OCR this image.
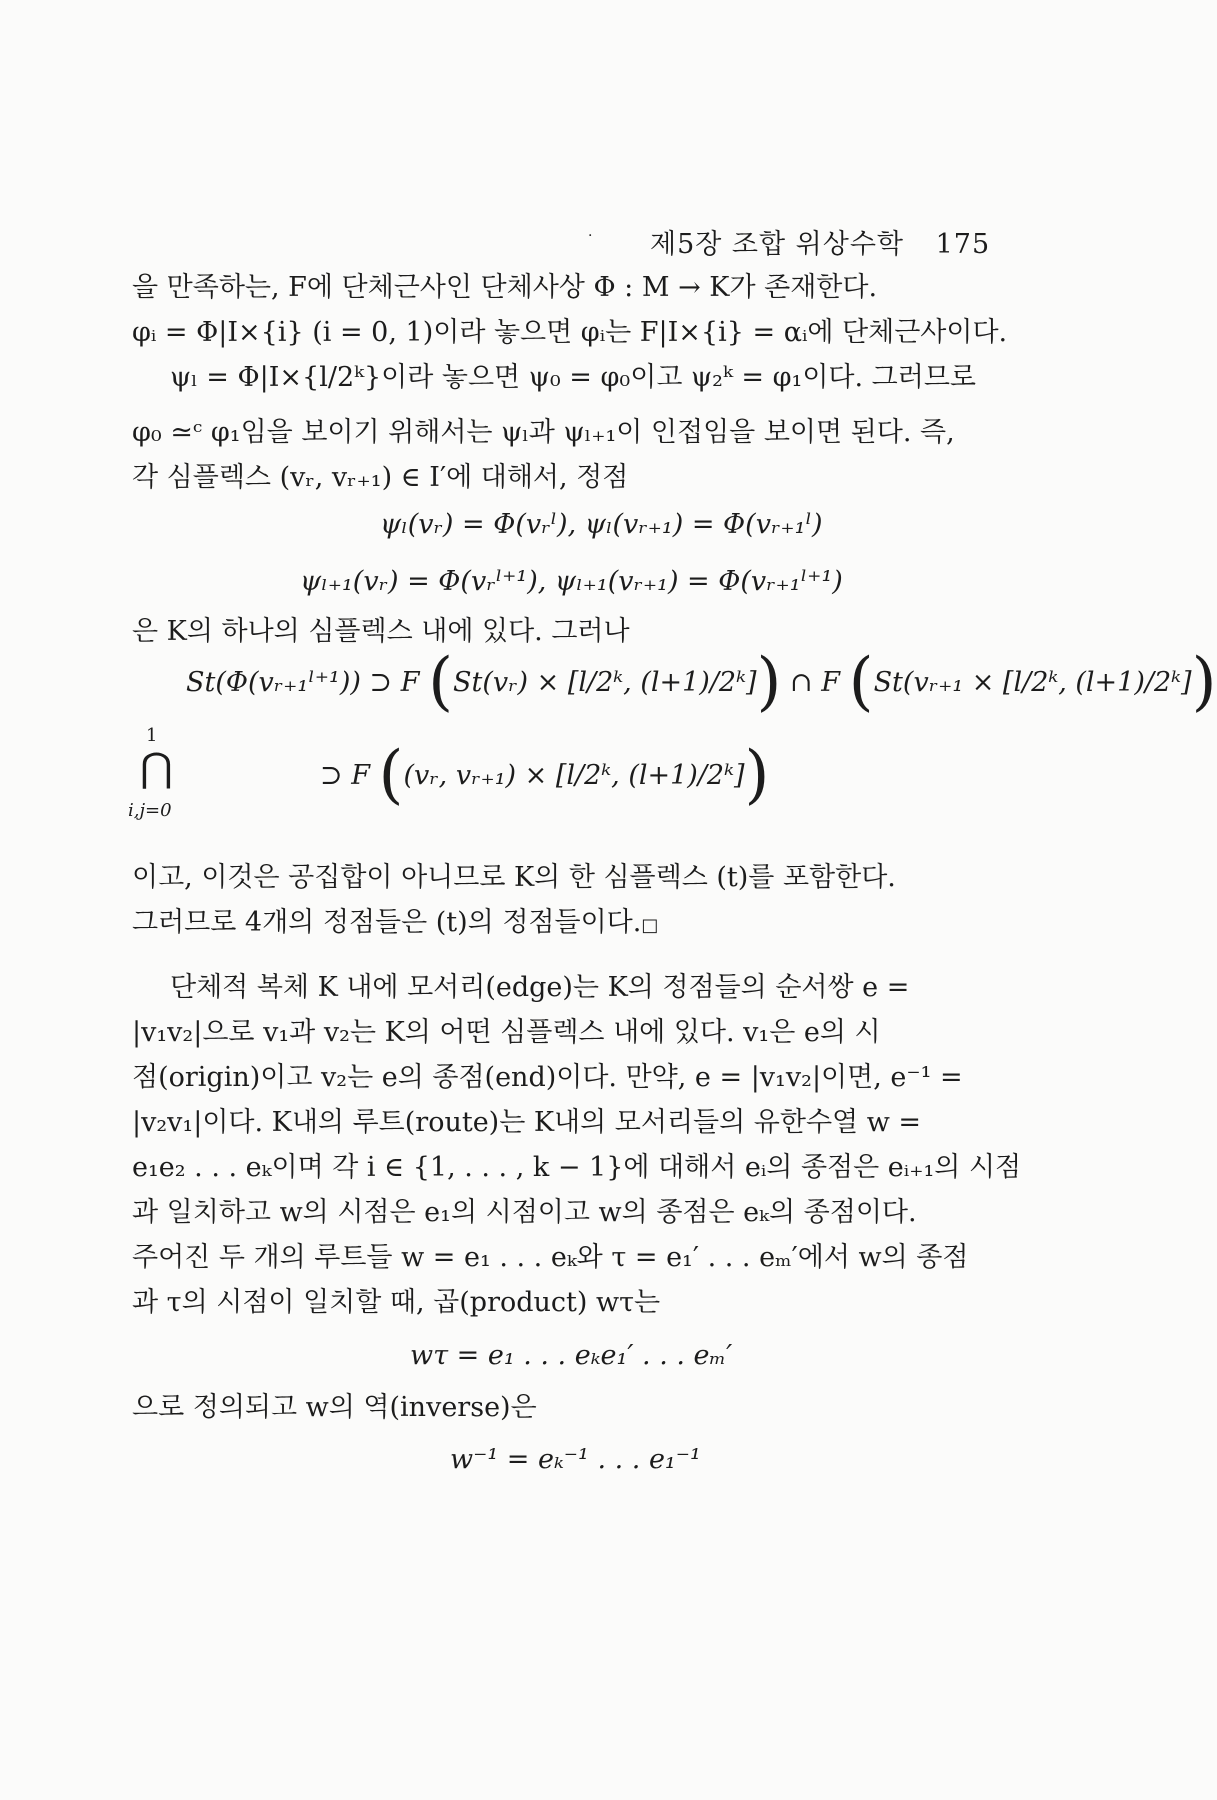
· 제5장 조합 위상수학 175
을 만족하는, F에 단체근사인 단체사상 Φ : M → K가 존재한다.
φᵢ = Φ|I×{i} (i = 0, 1)이라 놓으면 φᵢ는 F|I×{i} = αᵢ에 단체근사이다.
ψₗ = Φ|I×{l/2ᵏ}이라 놓으면 ψ₀ = φ₀이고 ψ₂ᵏ = φ₁이다. 그러므로
φ₀ ≃ᶜ φ₁임을 보이기 위해서는 ψₗ과 ψₗ₊₁이 인접임을 보이면 된다. 즉,
각 심플렉스 (vᵣ, vᵣ₊₁) ∈ I′에 대해서, 정점
ψₗ(vᵣ) = Φ(vᵣˡ), ψₗ(vᵣ₊₁) = Φ(vᵣ₊₁ˡ)
ψₗ₊₁(vᵣ) = Φ(vᵣˡ⁺¹), ψₗ₊₁(vᵣ₊₁) = Φ(vᵣ₊₁ˡ⁺¹)
은 K의 하나의 심플렉스 내에 있다. 그러나
1
⋂
i,j=0
St(Φ(vᵣ₊₁ˡ⁺¹)) ⊃ F (St(vᵣ) × [l/2ᵏ, (l+1)/2ᵏ]) ∩ F (St(vᵣ₊₁ × [l/2ᵏ, (l+1)/2ᵏ])
⊃ F ((vᵣ, vᵣ₊₁) × [l/2ᵏ, (l+1)/2ᵏ])
이고, 이것은 공집합이 아니므로 K의 한 심플렉스 (t)를 포함한다.
그러므로 4개의 정점들은 (t)의 정점들이다.□
단체적 복체 K 내에 모서리(edge)는 K의 정점들의 순서쌍 e =
|v₁v₂|으로 v₁과 v₂는 K의 어떤 심플렉스 내에 있다. v₁은 e의 시
점(origin)이고 v₂는 e의 종점(end)이다. 만약, e = |v₁v₂|이면, e⁻¹ =
|v₂v₁|이다. K내의 루트(route)는 K내의 모서리들의 유한수열 w =
e₁e₂ . . . eₖ이며 각 i ∈ {1, . . . , k − 1}에 대해서 eᵢ의 종점은 eᵢ₊₁의 시점
과 일치하고 w의 시점은 e₁의 시점이고 w의 종점은 eₖ의 종점이다.
주어진 두 개의 루트들 w = e₁ . . . eₖ와 τ = e₁′ . . . eₘ′에서 w의 종점
과 τ의 시점이 일치할 때, 곱(product) wτ는
wτ = e₁ . . . eₖe₁′ . . . eₘ′
으로 정의되고 w의 역(inverse)은
w⁻¹ = eₖ⁻¹ . . . e₁⁻¹
